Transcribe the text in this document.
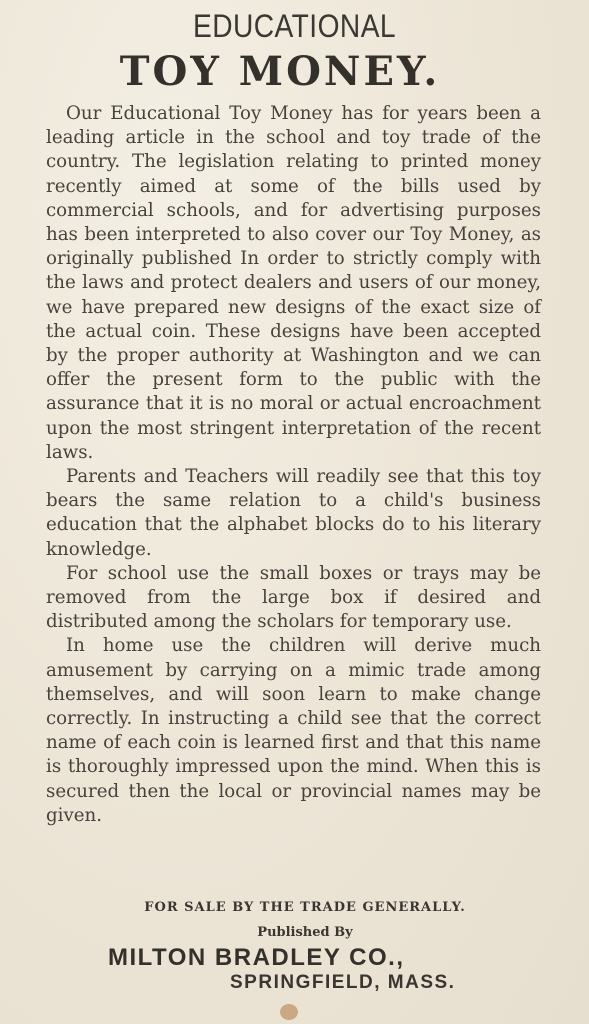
EDUCATIONAL
TOY MONEY.

Our Educational Toy Money has for years been a leading article in the school and toy trade of the country. The legislation relating to printed money recently aimed at some of the bills used by commercial schools, and for advertising purposes has been interpreted to also cover our Toy Money, as originally published In order to strictly comply with the laws and protect dealers and users of our money, we have prepared new designs of the exact size of the actual coin. These designs have been accepted by the proper authority at Washington and we can offer the present form to the public with the assurance that it is no moral or actual encroachment upon the most stringent interpretation of the recent laws.

Parents and Teachers will readily see that this toy bears the same relation to a child's business education that the alphabet blocks do to his literary knowledge.

For school use the small boxes or trays may be removed from the large box if desired and distributed among the scholars for temporary use.

In home use the children will derive much amusement by carrying on a mimic trade among themselves, and will soon learn to make change correctly. In instructing a child see that the correct name of each coin is learned first and that this name is thoroughly impressed upon the mind. When this is secured then the local or provincial names may be given.

FOR SALE BY THE TRADE GENERALLY.
Published By
MILTON BRADLEY CO.,
SPRINGFIELD, MASS.
